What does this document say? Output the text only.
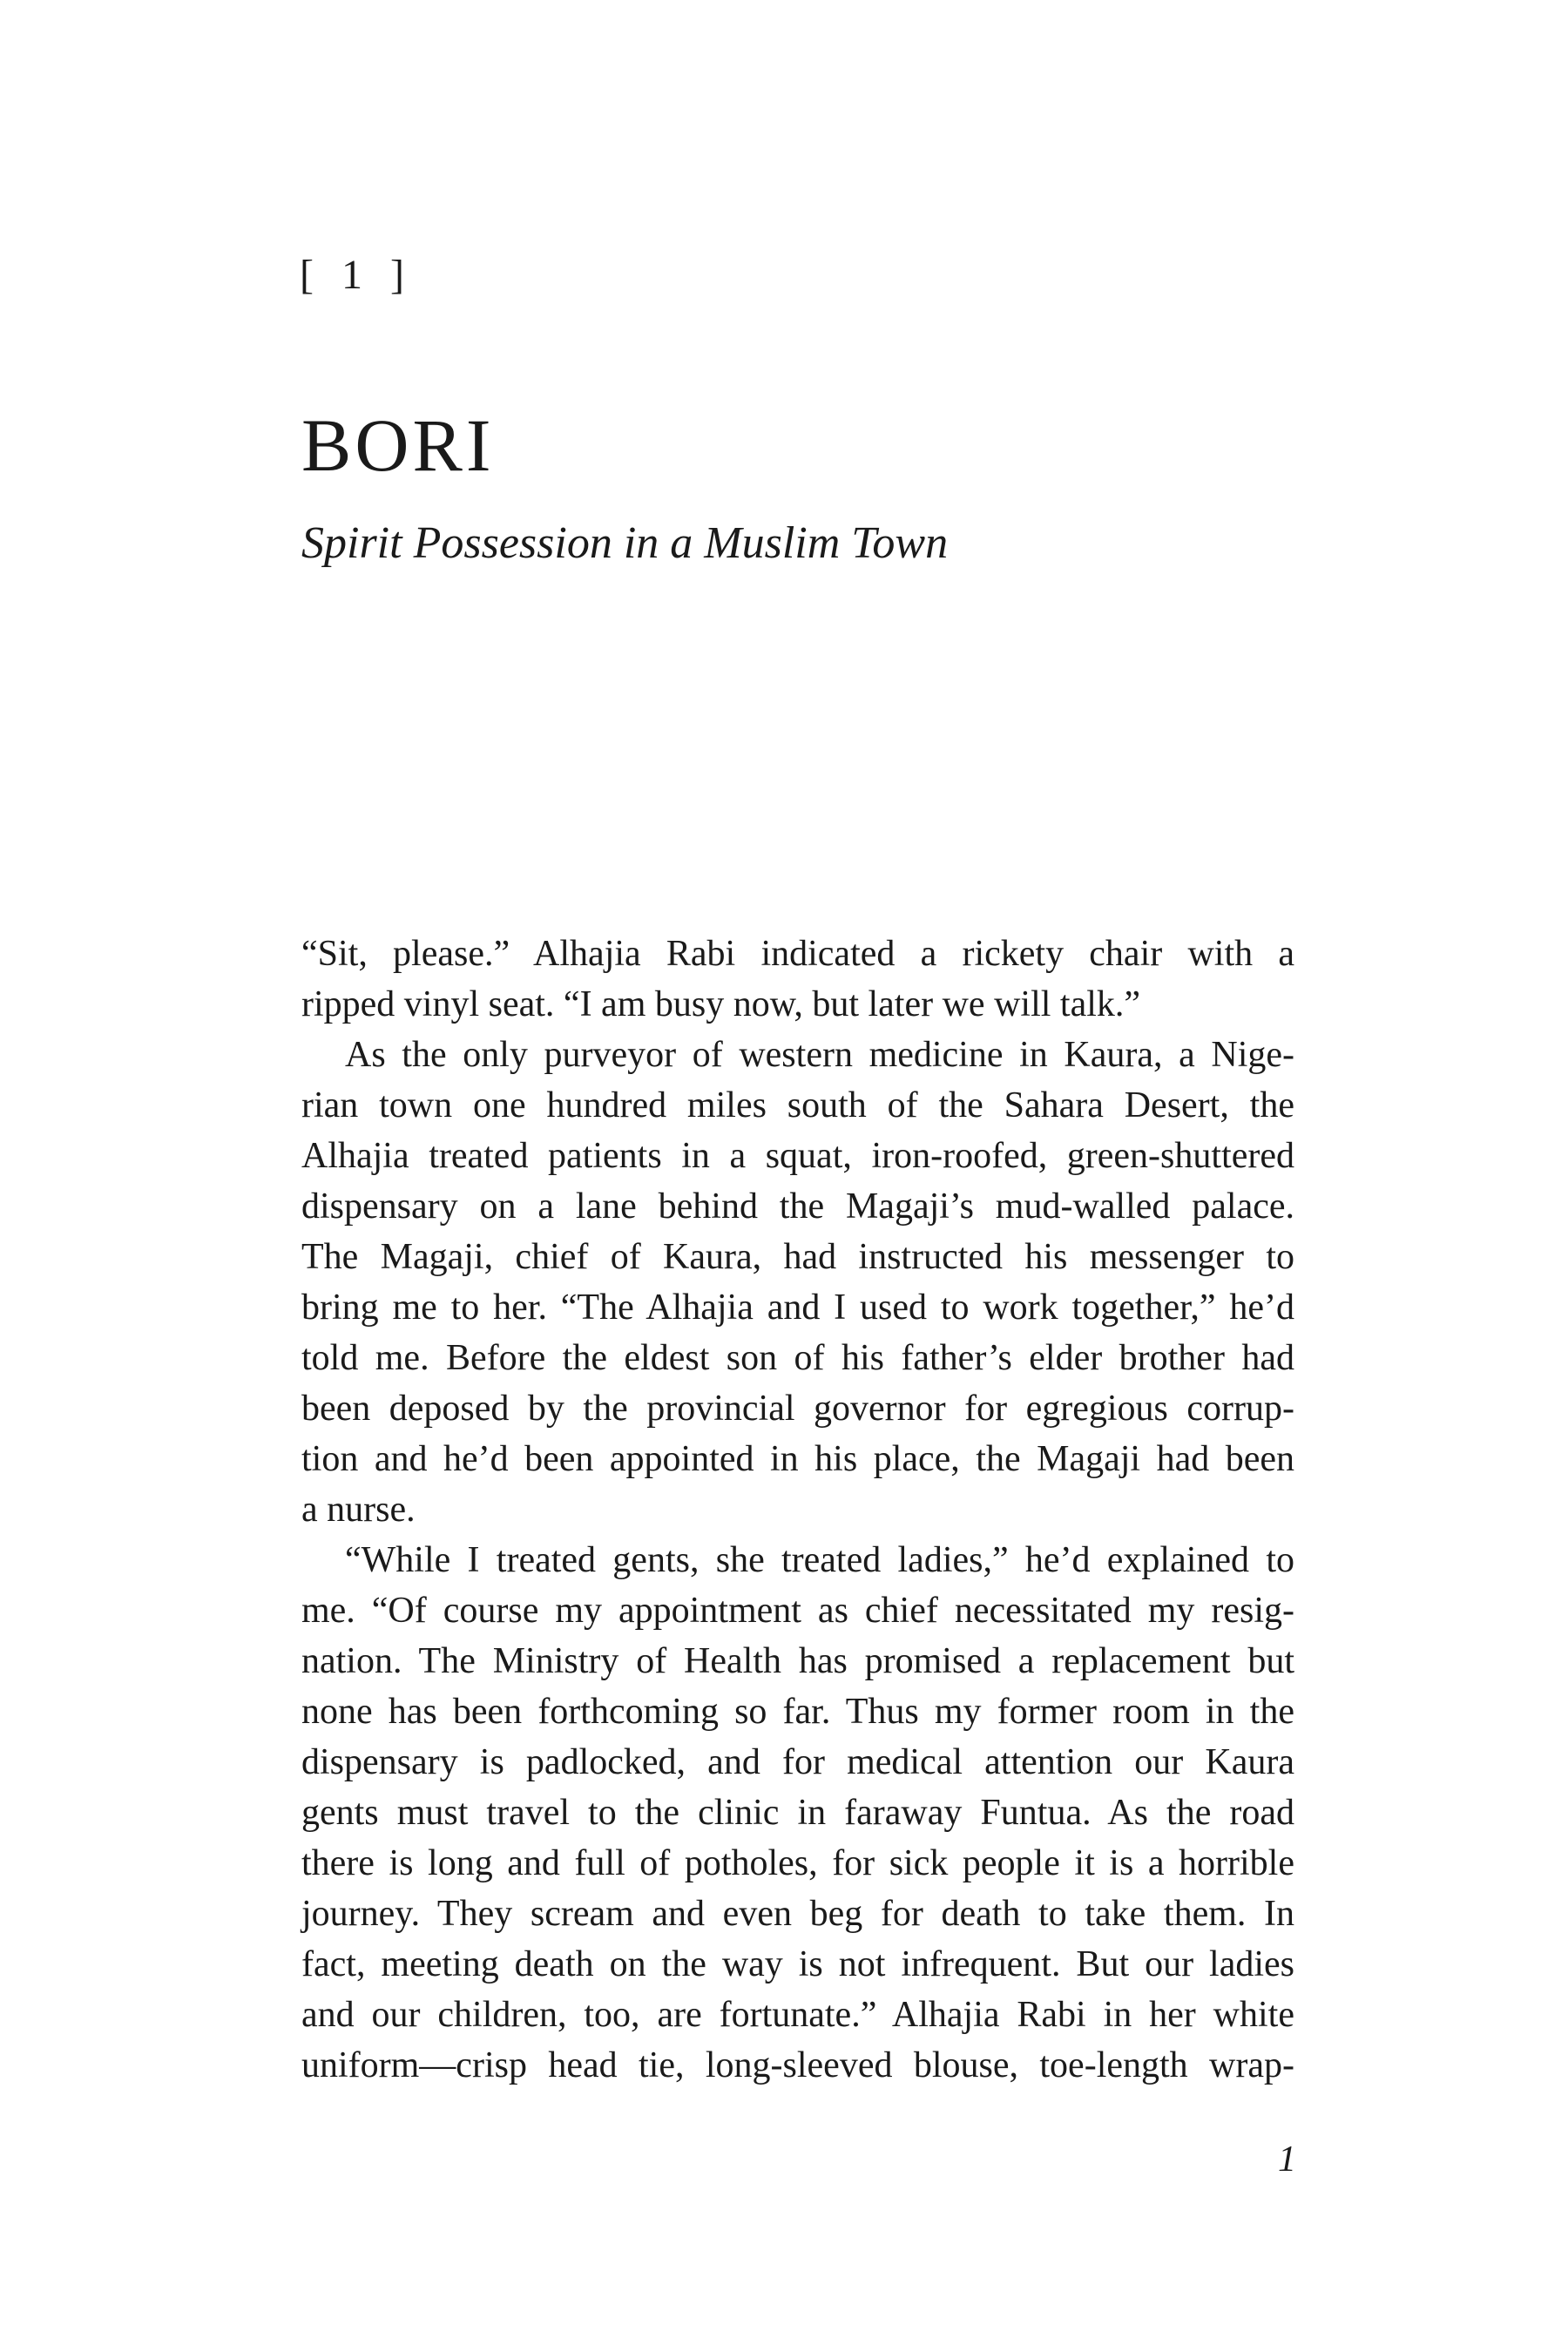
[ 1 ]
BORI
Spirit Possession in a Muslim Town
“Sit, please.” Alhajia Rabi indicated a rickety chair with a
ripped vinyl seat. “I am busy now, but later we will talk.”
As the only purveyor of western medicine in Kaura, a Nige-
rian town one hundred miles south of the Sahara Desert, the
Alhajia treated patients in a squat, iron-roofed, green-shuttered
dispensary on a lane behind the Magaji’s mud-walled palace.
The Magaji, chief of Kaura, had instructed his messenger to
bring me to her. “The Alhajia and I used to work together,” he’d
told me. Before the eldest son of his father’s elder brother had
been deposed by the provincial governor for egregious corrup-
tion and he’d been appointed in his place, the Magaji had been
a nurse.
“While I treated gents, she treated ladies,” he’d explained to
me. “Of course my appointment as chief necessitated my resig-
nation. The Ministry of Health has promised a replacement but
none has been forthcoming so far. Thus my former room in the
dispensary is padlocked, and for medical attention our Kaura
gents must travel to the clinic in faraway Funtua. As the road
there is long and full of potholes, for sick people it is a horrible
journey. They scream and even beg for death to take them. In
fact, meeting death on the way is not infrequent. But our ladies
and our children, too, are fortunate.” Alhajia Rabi in her white
uniform—crisp head tie, long-sleeved blouse, toe-length wrap-
1
